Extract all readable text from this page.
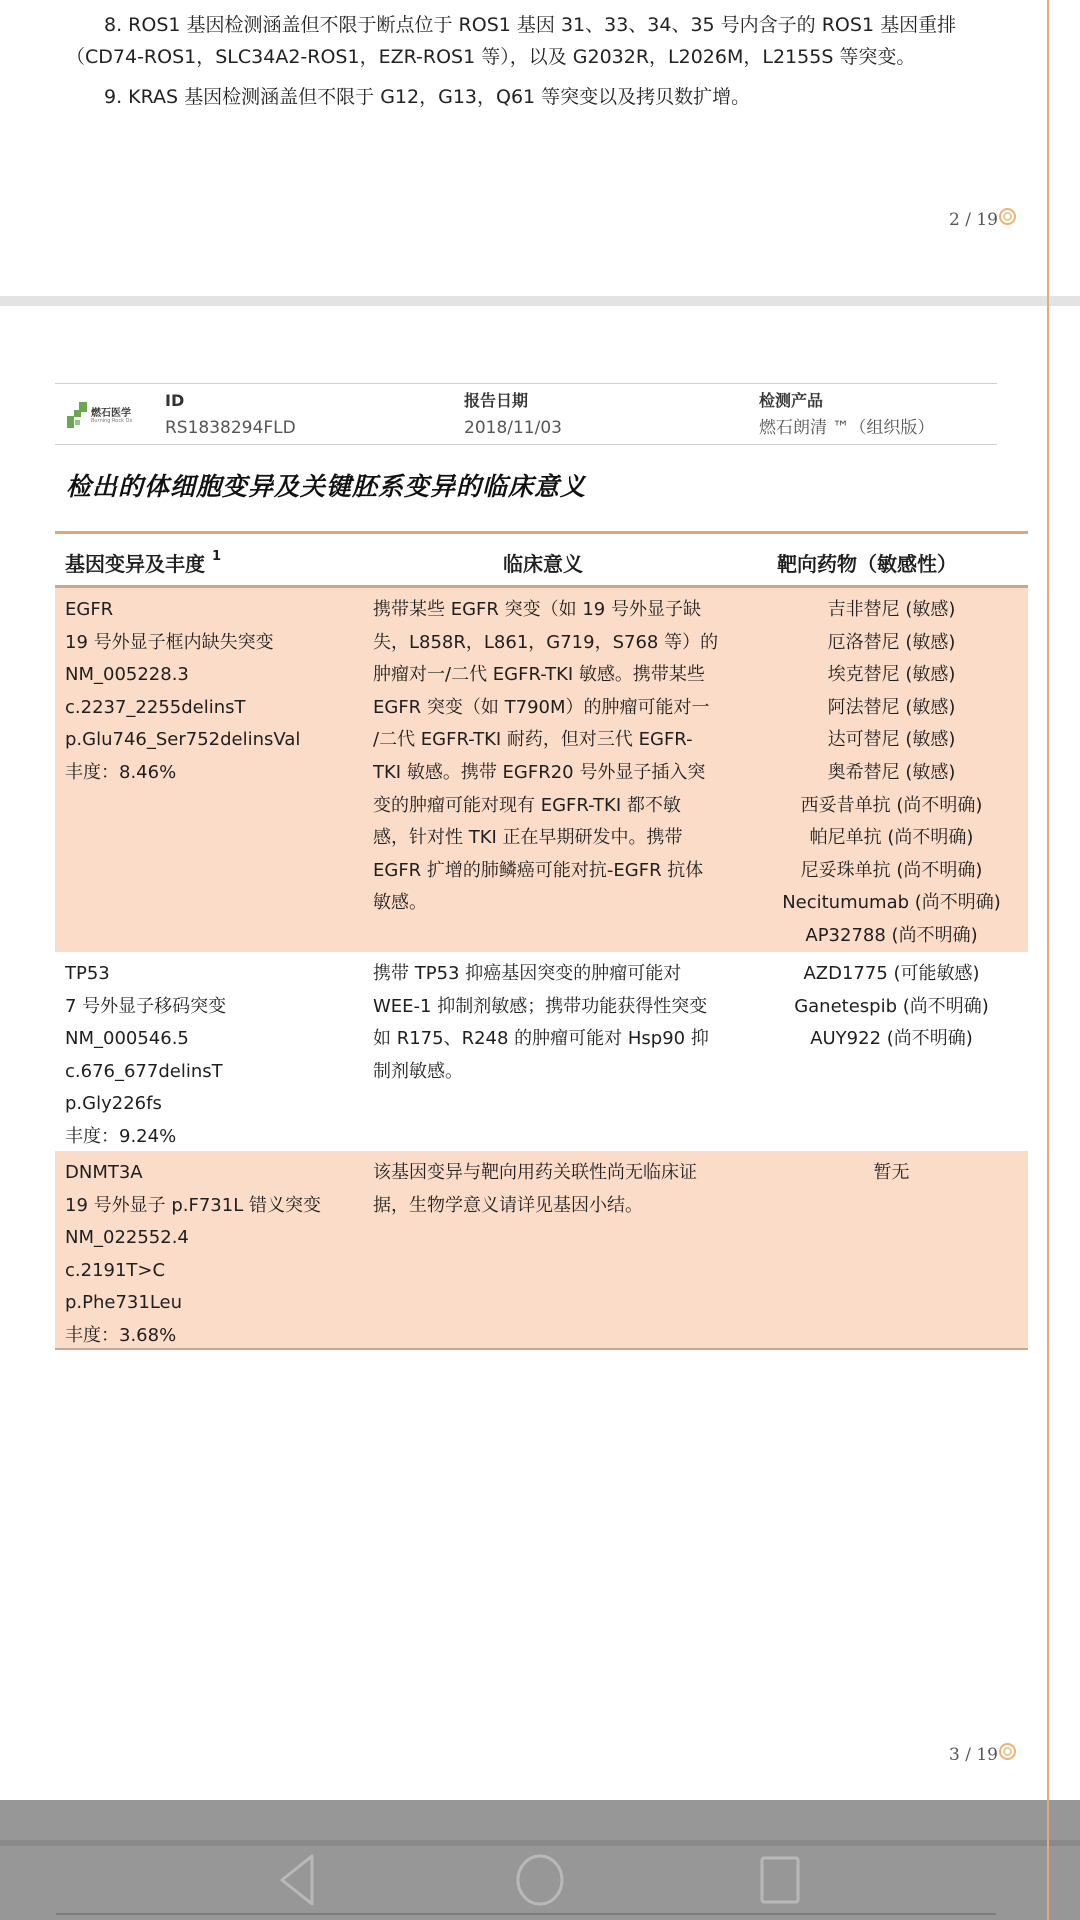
8. ROS1 基因检测涵盖但不限于断点位于 ROS1 基因 31、33、34、35 号内含子的 ROS1 基因重排
（CD74-ROS1，SLC34A2-ROS1，EZR-ROS1 等），以及 G2032R，L2026M，L2155S 等突变。
9. KRAS 基因检测涵盖但不限于 G12，G13，Q61 等突变以及拷贝数扩增。
2 / 19
燃石医学
Burning Rock Dx
ID
RS1838294FLD
报告日期
2018/11/03
检测产品
燃石朗清 ™（组织版）
检出的体细胞变异及关键胚系变异的临床意义
基因变异及丰度 $^1$	临床意义	靶向药物（敏感性）
EGFR
19 号外显子框内缺失突变
NM_005228.3
c.2237_2255delinsT
p.Glu746_Ser752delinsVal
丰度：8.46%
携带某些 EGFR 突变（如 19 号外显子缺
失，L858R，L861，G719，S768 等）的
肿瘤对一/二代 EGFR-TKI 敏感。携带某些
EGFR 突变（如 T790M）的肿瘤可能对一
/二代 EGFR-TKI 耐药，但对三代 EGFR-
TKI 敏感。携带 EGFR20 号外显子插入突
变的肿瘤可能对现有 EGFR-TKI 都不敏
感，针对性 TKI 正在早期研发中。携带
EGFR 扩增的肺鳞癌可能对抗-EGFR 抗体
敏感。
吉非替尼 (敏感)
厄洛替尼 (敏感)
埃克替尼 (敏感)
阿法替尼 (敏感)
达可替尼 (敏感)
奥希替尼 (敏感)
西妥昔单抗 (尚不明确)
帕尼单抗 (尚不明确)
尼妥珠单抗 (尚不明确)
Necitumumab (尚不明确)
AP32788 (尚不明确)
TP53
7 号外显子移码突变
NM_000546.5
c.676_677delinsT
p.Gly226fs
丰度：9.24%
携带 TP53 抑癌基因突变的肿瘤可能对
WEE-1 抑制剂敏感；携带功能获得性突变
如 R175、R248 的肿瘤可能对 Hsp90 抑
制剂敏感。
AZD1775 (可能敏感)
Ganetespib (尚不明确)
AUY922 (尚不明确)
DNMT3A
19 号外显子 p.F731L 错义突变
NM_022552.4
c.2191T>C
p.Phe731Leu
丰度：3.68%
该基因变异与靶向用药关联性尚无临床证
据，生物学意义请详见基因小结。
暂无
3 / 19
